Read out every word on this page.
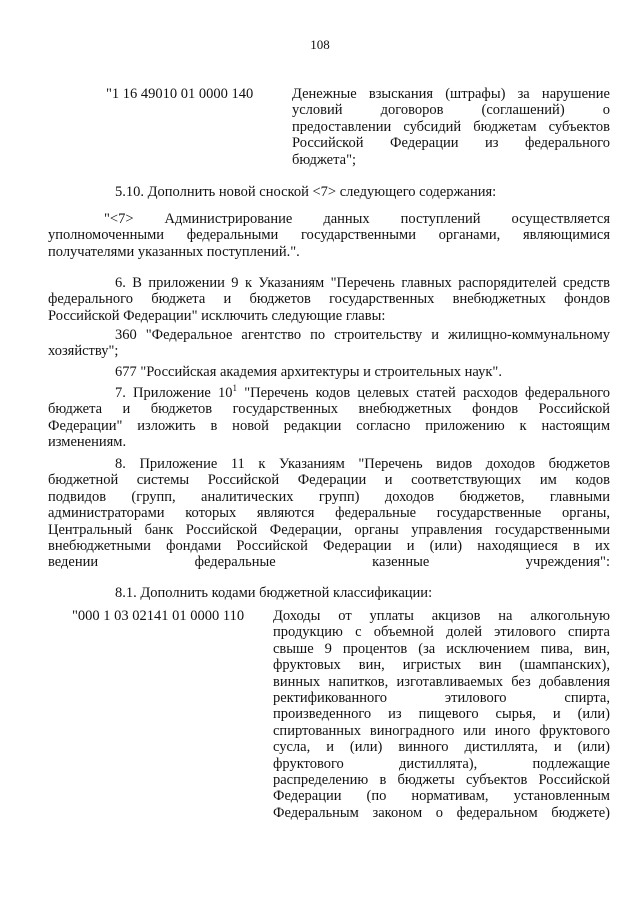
108
"1 16 49010 01 0000 140	Денежные взыскания (штрафы) за нарушение
условий договоров (соглашений) о
предоставлении субсидий бюджетам субъектов
Российской Федерации из федерального
бюджета";
5.10. Дополнить новой сноской <7> следующего содержания:
"<7> Администрирование данных поступлений осуществляется
уполномоченными федеральными государственными органами, являющимися
получателями указанных поступлений.".
6. В приложении 9 к Указаниям "Перечень главных распорядителей средств
федерального бюджета и бюджетов государственных внебюджетных фондов
Российской Федерации" исключить следующие главы:
360 "Федеральное агентство по строительству и жилищно-коммунальному
хозяйству";
677 "Российская академия архитектуры и строительных наук".
7. Приложение $10^1$ "Перечень кодов целевых статей расходов федерального
бюджета и бюджетов государственных внебюджетных фондов Российской
Федерации" изложить в новой редакции согласно приложению к настоящим
изменениям.
8. Приложение 11 к Указаниям "Перечень видов доходов бюджетов
бюджетной системы Российской Федерации и соответствующих им кодов
подвидов (групп, аналитических групп) доходов бюджетов, главными
администраторами которых являются федеральные государственные органы,
Центральный банк Российской Федерации, органы управления государственными
внебюджетными фондами Российской Федерации и (или) находящиеся в их
ведении федеральные казенные учреждения":
8.1. Дополнить кодами бюджетной классификации:
"000 1 03 02141 01 0000 110 Доходы от уплаты акцизов на алкогольную
продукцию с объемной долей этилового спирта
свыше 9 процентов (за исключением пива, вин,
фруктовых вин, игристых вин (шампанских),
винных напитков, изготавливаемых без добавления
ректификованного этилового спирта,
произведенного из пищевого сырья, и (или)
спиртованных виноградного или иного фруктового
сусла, и (или) винного дистиллята, и (или)
фруктового дистиллята), подлежащие
распределению в бюджеты субъектов Российской
Федерации (по нормативам, установленным
Федеральным законом о федеральном бюджете)
